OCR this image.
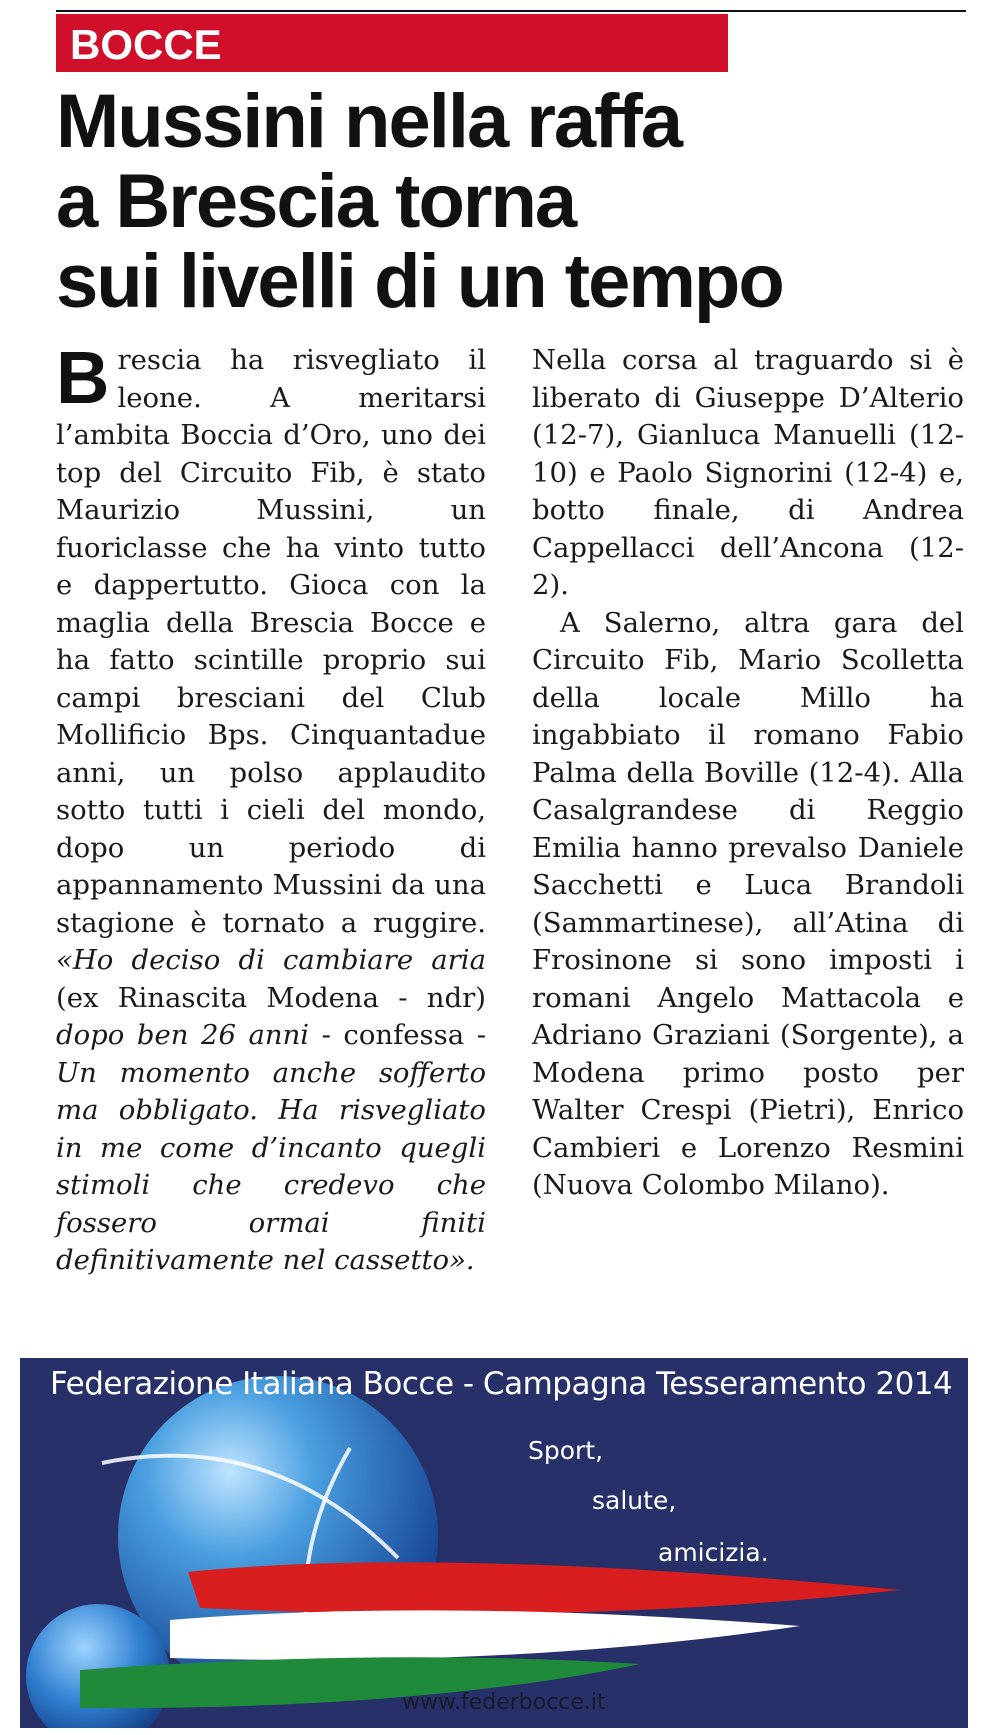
BOCCE
Mussini nella raffa
a Brescia torna
sui livelli di un tempo

Brescia ha risvegliato il leone. A meritarsi l’ambita Boccia d’Oro, uno dei top del Circuito Fib, è stato Maurizio Mussini, un fuoriclasse che ha vinto tutto e dappertutto. Gioca con la maglia della Brescia Bocce e ha fatto scintille proprio sui campi bresciani del Club Mollificio Bps. Cinquantadue anni, un polso applaudito sotto tutti i cieli del mondo, dopo un periodo di appannamento Mussini da una stagione è tornato a ruggire. «Ho deciso di cambiare aria (ex Rinascita Modena - ndr) dopo ben 26 anni - confessa - Un momento anche sofferto ma obbligato. Ha risvegliato in me come d’incanto quegli stimoli che credevo che fossero ormai finiti definitivamente nel cassetto».

Nella corsa al traguardo si è liberato di Giuseppe D’Alterio (12-7), Gianluca Manuelli (12-10) e Paolo Signorini (12-4) e, botto finale, di Andrea Cappellacci dell’Ancona (12-2).

A Salerno, altra gara del Circuito Fib, Mario Scolletta della locale Millo ha ingabbiato il romano Fabio Palma della Boville (12-4). Alla Casalgrandese di Reggio Emilia hanno prevalso Daniele Sacchetti e Luca Brandoli (Sammartinese), all’Atina di Frosinone si sono imposti i romani Angelo Mattacola e Adriano Graziani (Sorgente), a Modena primo posto per Walter Crespi (Pietri), Enrico Cambieri e Lorenzo Resmini (Nuova Colombo Milano).

Federazione Italiana Bocce - Campagna Tesseramento 2014
Sport,
salute,
amicizia.
www.federbocce.it
